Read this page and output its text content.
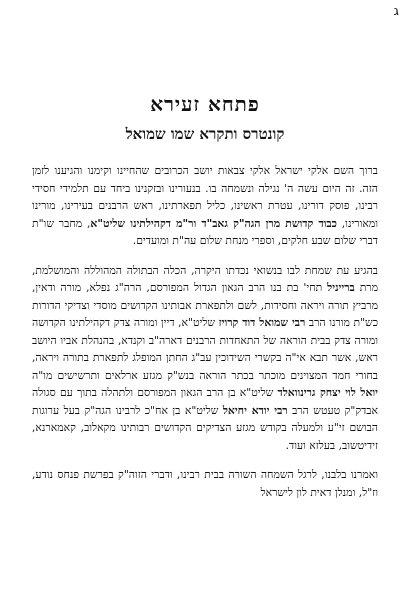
ג
פתחא זעירא
קונטרס ותקרא שמו שמואל

ברוך השם אלקי ישראל אלקי צבאות יושב הכרובים שהחיינו וקימנו והגיענו לזמן הזה. זה היום עשה ה' נגילה ונשמחה בו. בנעורינו ובזקנינו ביחד עם תלמידי חסידי רבינו, פוסק דורינו, עטרת ראשינו, כליל תפארתינו, ראש הרבנים בעירינו, מורינו ומאורינו, כבוד קדושת מרן הגה"ק גאב"ד ור"מ דקהילתינו שליט"א, מחבר שו"ת דברי שלום שבע חלקים, וספרי מנחת שלום עה"ת ומועדים.

בהגיע עת שמחת לבו בנשואי נכדתו היקרה, הכלה הבתולה המהוללה והמושלמת, מרת ברייניל תחי' בת בנו הרב הגאון הגדול המפורסם, הרה"ג נפלא, מורה ודאין, מרביץ תורה ויראה וחסידות, לשם ולתפארת אבותינו הקדושים מוסדי וצדיקי הדורות כש"ת מורנו הרב רבי שמואל דוד קרויז שליט"א, דיין ומורה צדק דקהילתינו הקדושה ומורה צדק בבית הוראה של התאחדות הרבנים דארה"ב וקנדא, בהנהלת אביו היושב ראש, אשר תבא אי"ה בקשרי השידוכין עב"ג החתן המופלג לתפארת בתורה ויראה, בחורי חמד המצוינים מוכתר בכתר הוראה בנש"ק מגזע ארלאים ותרשישים מו"ה יואל לוי יצחק גרינוואלד שליט"א בן הרב הגאון המפורסם ולתהלה בתוך עם סגולה אבדק"ק טעטש הרב רבי יודא יחיאל שליט"א בן אח"כ לרבינו הגה"ק בעל ערוגות הבושם זי"ע ולמעלה בקודש מגזע הצדיקים הקדושים רבותינו מקאלוב, קאמארנא, זידיטשוב, בעלזא ועוד.

ואמרנו בלבנו, לרגל השמחה השורה בבית רבינו, ודברי הזוה"ק בפרשת פנחס נודע, וז"ל, ומנלן דאית לון לישראל
